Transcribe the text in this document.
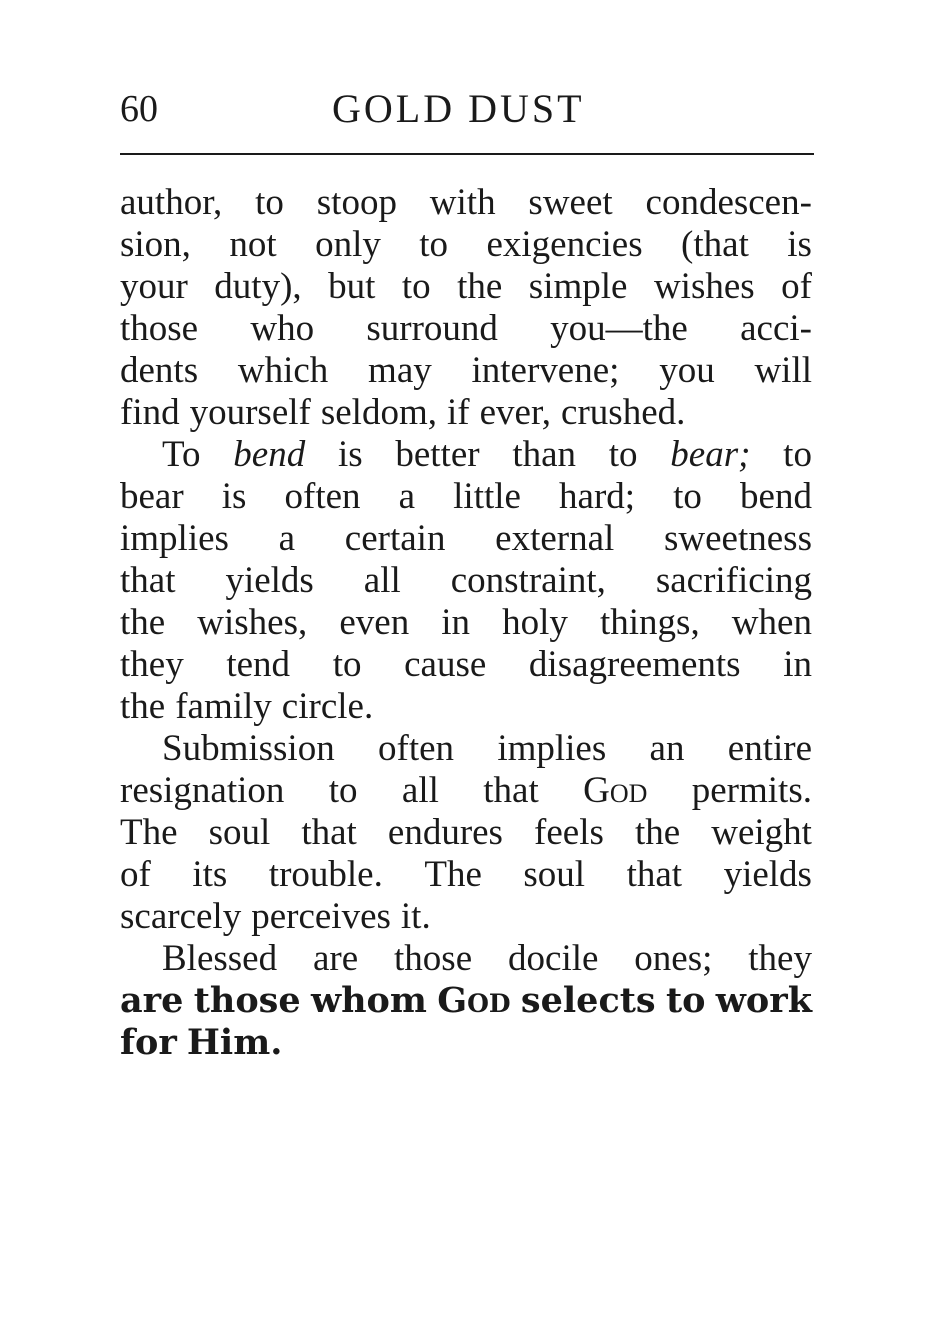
60	GOLD DUST
author, to stoop with sweet condescen-
sion, not only to exigencies (that is
your duty), but to the simple wishes of
those who surround you—the acci-
dents which may intervene; you will
find yourself seldom, if ever, crushed.
To bend is better than to bear; to
bear is often a little hard; to bend
implies a certain external sweetness
that yields all constraint, sacrificing
the wishes, even in holy things, when
they tend to cause disagreements in
the family circle.
Submission often implies an entire
resignation to all that God permits.
The soul that endures feels the weight
of its trouble. The soul that yields
scarcely perceives it.
Blessed are those docile ones; they
are those whom God selects to work
for Him.
